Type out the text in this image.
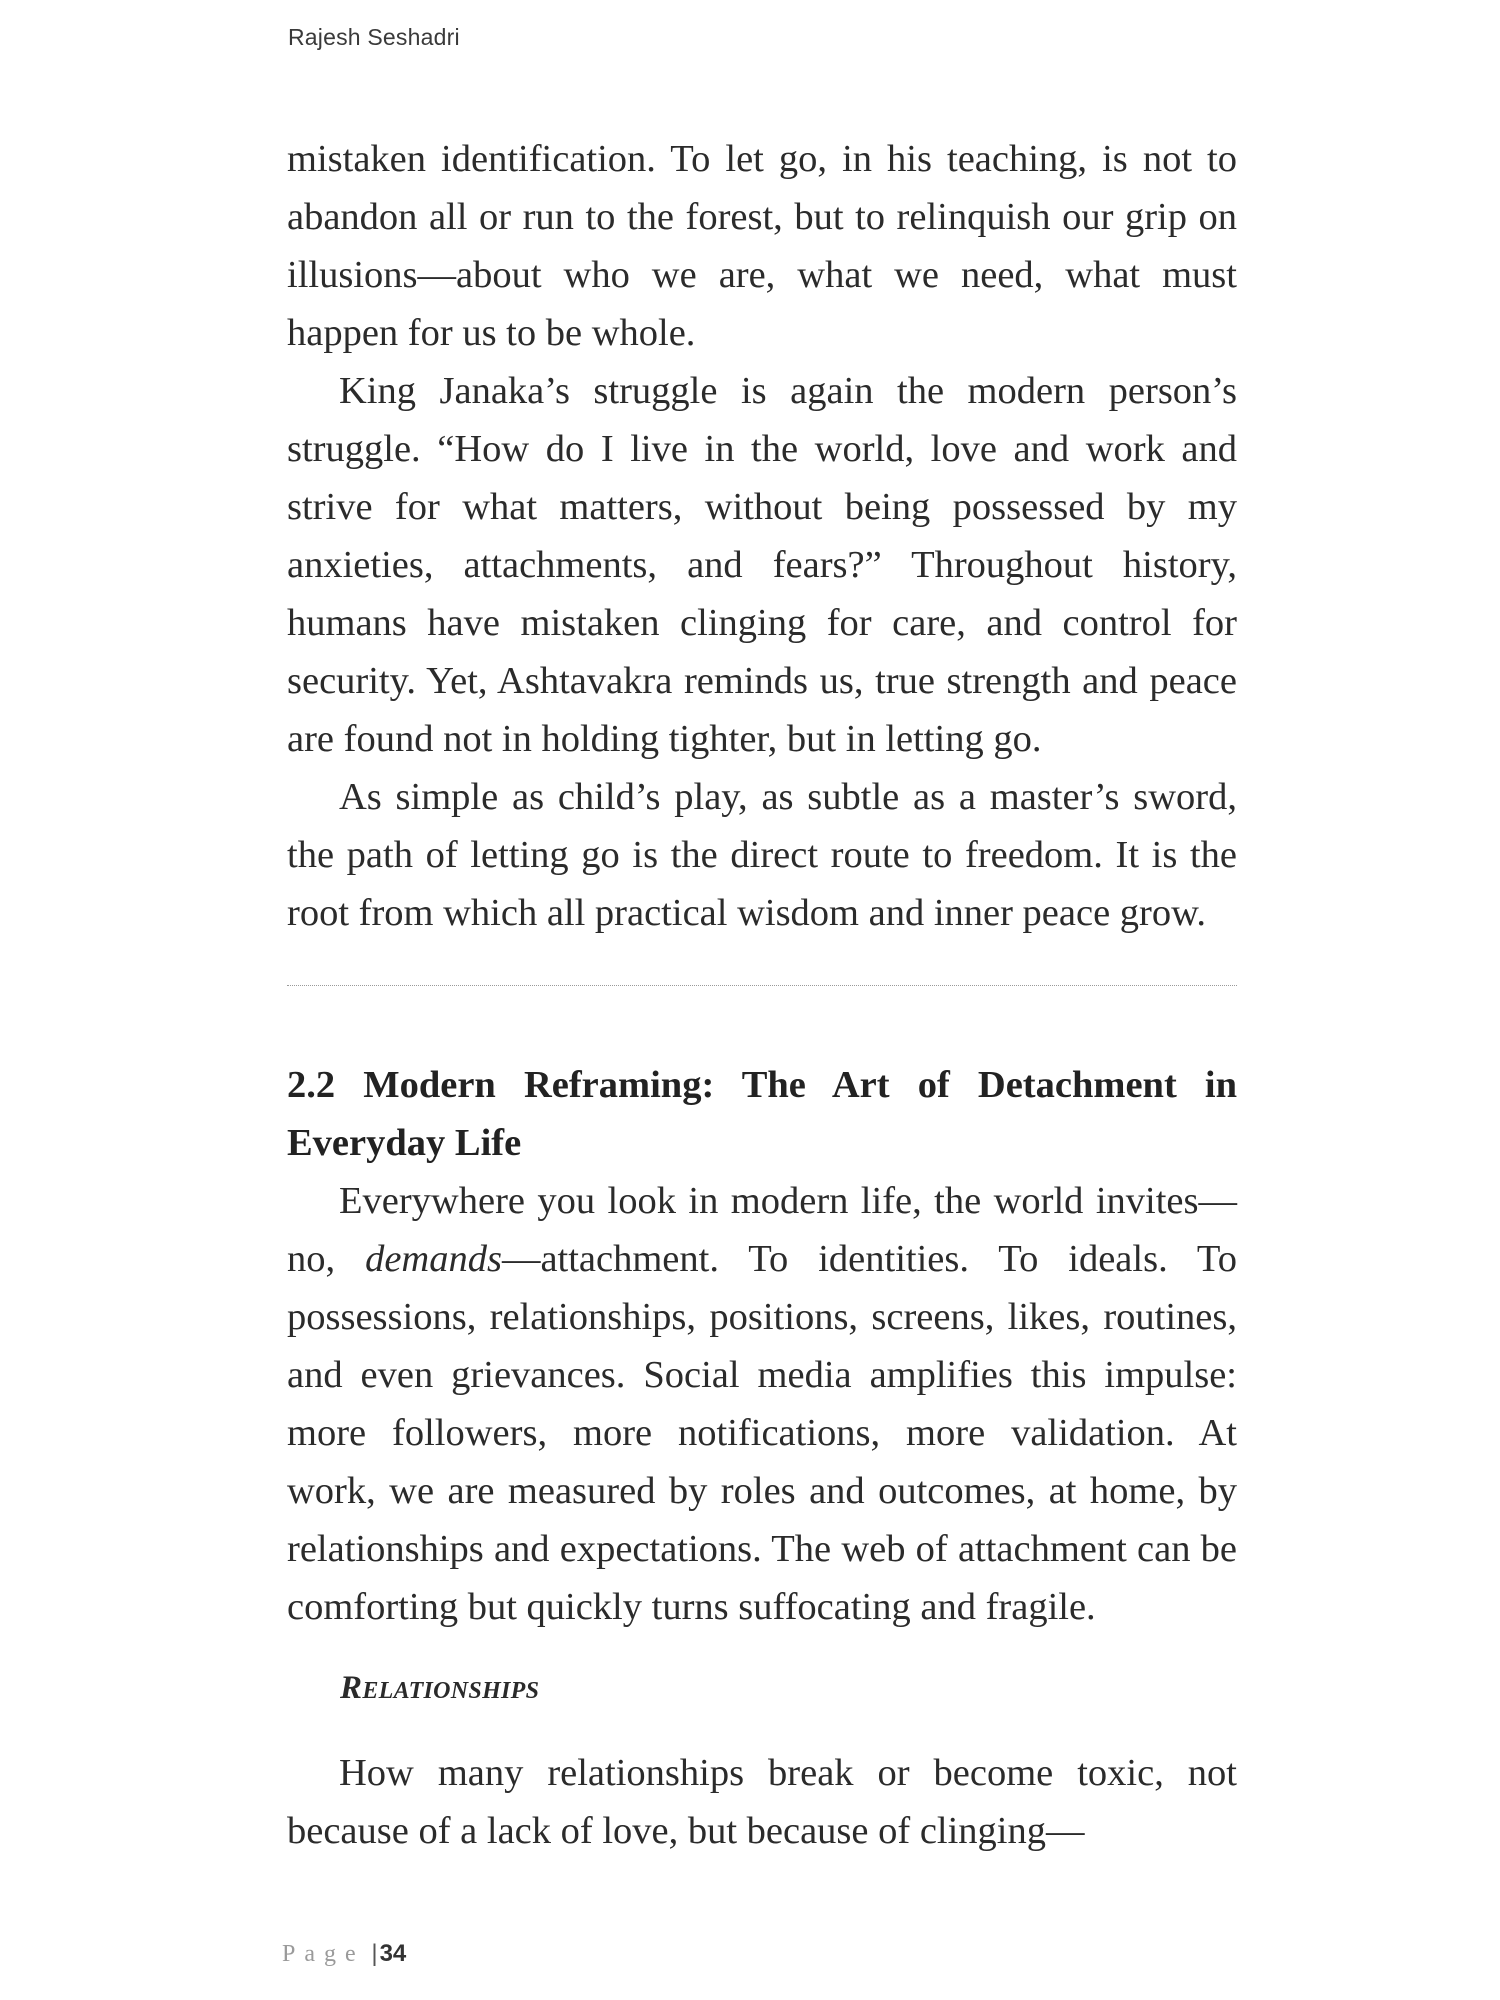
Rajesh Seshadri

mistaken identification. To let go, in his teaching, is not to abandon all or run to the forest, but to relinquish our grip on illusions—about who we are, what we need, what must happen for us to be whole.

King Janaka’s struggle is again the modern person’s struggle. “How do I live in the world, love and work and strive for what matters, without being possessed by my anxieties, attachments, and fears?” Throughout history, humans have mistaken clinging for care, and control for security. Yet, Ashtavakra reminds us, true strength and peace are found not in holding tighter, but in letting go.

As simple as child’s play, as subtle as a master’s sword, the path of letting go is the direct route to freedom. It is the root from which all practical wisdom and inner peace grow.

2.2 Modern Reframing: The Art of Detachment in Everyday Life

Everywhere you look in modern life, the world invites—no, demands—attachment. To identities. To ideals. To possessions, relationships, positions, screens, likes, routines, and even grievances. Social media amplifies this impulse: more followers, more notifications, more validation. At work, we are measured by roles and outcomes, at home, by relationships and expectations. The web of attachment can be comforting but quickly turns suffocating and fragile.

RELATIONSHIPS

How many relationships break or become toxic, not because of a lack of love, but because of clinging—

Page |34
